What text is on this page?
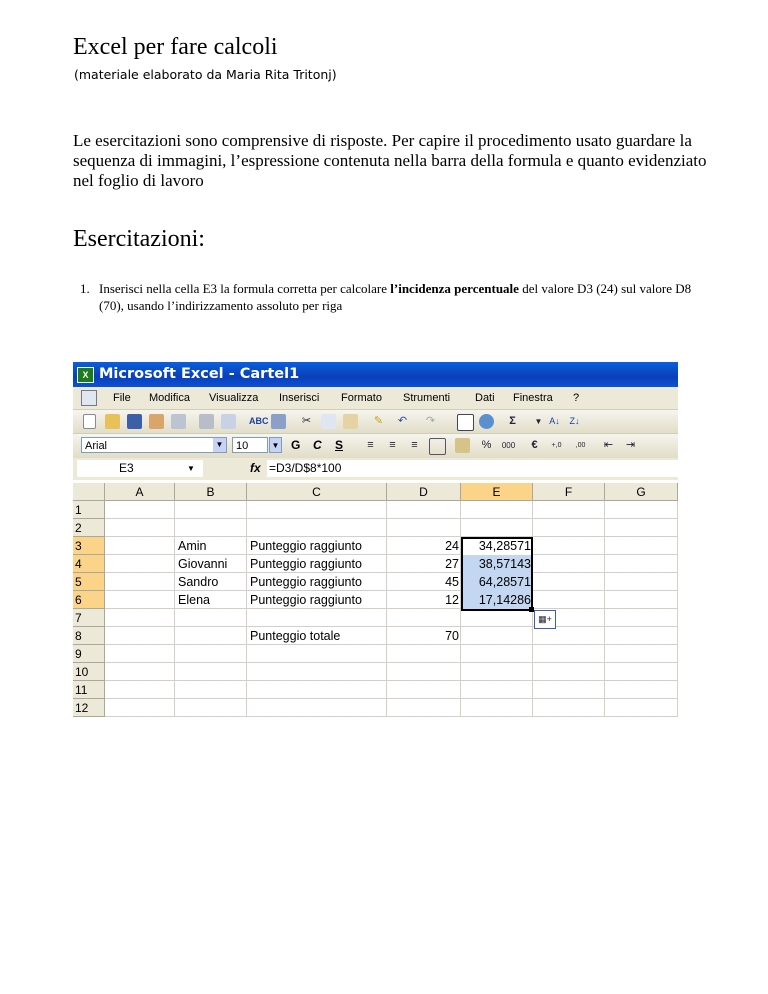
Excel per fare calcoli
(materiale elaborato da Maria Rita Tritonj)
Le esercitazioni sono comprensive di risposte. Per capire il procedimento usato guardare la sequenza di immagini, l’espressione contenuta nella barra della formula e quanto evidenziato nel foglio di lavoro
Esercitazioni:
1. Inserisci nella cella E3 la formula corretta per calcolare l’incidenza percentuale del valore D3 (24) sul valore D8 (70), usando l’indirizzamento assoluto per riga
X Microsoft Excel - Cartel1
File Modifica Visualizza Inserisci Formato Strumenti Dati Finestra ?
ABC	✂	✎ ↶ ↷	Σ	▼ A↓ Z↓
Arial	▼	10	▼ G C S	≡	≡	≡	%	000	€	+,0	,00 ⇤ ⇥
E3	▼	fx =D3/D$8*100
A	B	C	D	E	F	G
1
2
3
4
5
6
7
8
9
10
11
12
Amin	Punteggio raggiunto	24	34,28571
Giovanni	Punteggio raggiunto	27	38,57143
Sandro	Punteggio raggiunto	45	64,28571
Elena	Punteggio raggiunto	12	17,14286
Punteggio totale	70
▦+
